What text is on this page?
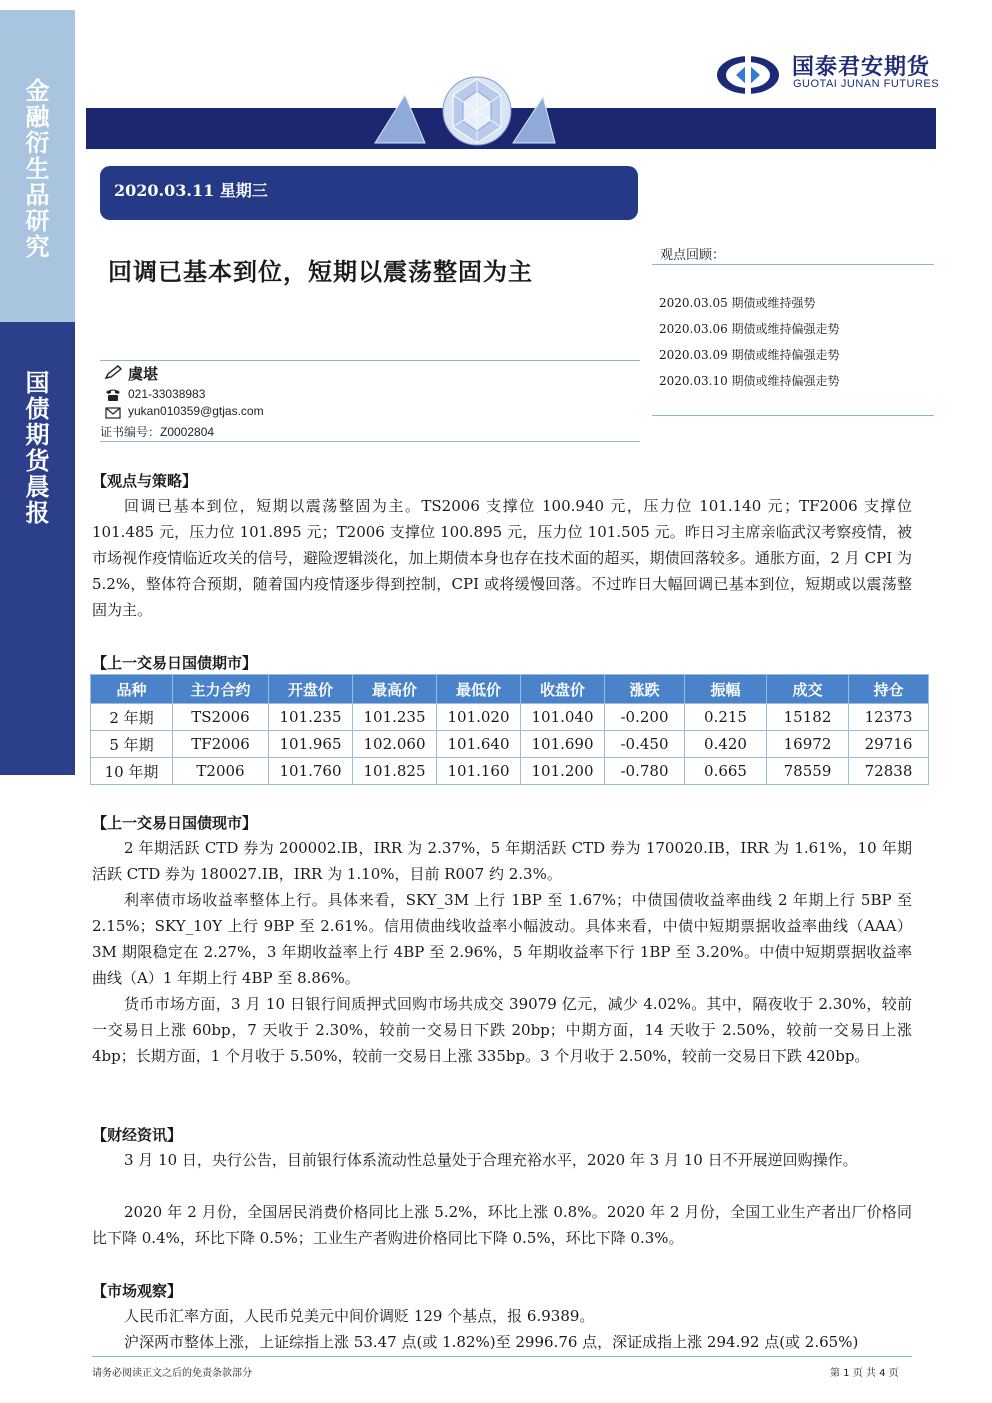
金
融
衍
生
品
研
究
国
债
期
货
晨
报
国泰君安期货
GUOTAI JUNAN FUTURES
2020.03.11 星期三
回调已基本到位，短期以震荡整固为主
虞堪
021-33038983
yukan010359@gtjas.com
证书编号：Z0002804
观点回顾：
2020.03.05 期债或维持强势
2020.03.06 期债或维持偏强走势
2020.03.09 期债或维持偏强走势
2020.03.10 期债或维持偏强走势
【观点与策略】

回调已基本到位，短期以震荡整固为主。TS2006 支撑位 100.940 元，压力位 101.140 元；TF2006 支撑位 101.485 元，压力位 101.895 元；T2006 支撑位 100.895 元，压力位 101.505 元。昨日习主席亲临武汉考察疫情，被市场视作疫情临近攻关的信号，避险逻辑淡化，加上期债本身也存在技术面的超买，期债回落较多。通胀方面，2 月 CPI 为 5.2%，整体符合预期，随着国内疫情逐步得到控制，CPI 或将缓慢回落。不过昨日大幅回调已基本到位，短期或以震荡整固为主。

【上一交易日国债期市】
品种	主力合约	开盘价	最高价	最低价	收盘价	涨跌	振幅	成交	持仓
2 年期	TS2006	101.235	101.235	101.020	101.040	-0.200	0.215	15182	12373
5 年期	TF2006	101.965	102.060	101.640	101.690	-0.450	0.420	16972	29716
10 年期	T2006	101.760	101.825	101.160	101.200	-0.780	0.665	78559	72838
【上一交易日国债现市】

2 年期活跃 CTD 券为 200002.IB，IRR 为 2.37%，5 年期活跃 CTD 券为 170020.IB，IRR 为 1.61%，10 年期活跃 CTD 券为 180027.IB，IRR 为 1.10%，目前 R007 约 2.3%。

利率债市场收益率整体上行。具体来看，SKY_3M 上行 1BP 至 1.67%；中债国债收益率曲线 2 年期上行 5BP 至 2.15%；SKY_10Y 上行 9BP 至 2.61%。信用债曲线收益率小幅波动。具体来看，中债中短期票据收益率曲线（AAA）3M 期限稳定在 2.27%，3 年期收益率上行 4BP 至 2.96%，5 年期收益率下行 1BP 至 3.20%。中债中短期票据收益率曲线（A）1 年期上行 4BP 至 8.86%。

货币市场方面，3 月 10 日银行间质押式回购市场共成交 39079 亿元，减少 4.02%。其中，隔夜收于 2.30%，较前一交易日上涨 60bp，7 天收于 2.30%，较前一交易日下跌 20bp；中期方面，14 天收于 2.50%，较前一交易日上涨 4bp；长期方面，1 个月收于 5.50%，较前一交易日上涨 335bp。3 个月收于 2.50%，较前一交易日下跌 420bp。

【财经资讯】

3 月 10 日，央行公告，目前银行体系流动性总量处于合理充裕水平，2020 年 3 月 10 日不开展逆回购操作。

2020 年 2 月份，全国居民消费价格同比上涨 5.2%，环比上涨 0.8%。2020 年 2 月份，全国工业生产者出厂价格同比下降 0.4%，环比下降 0.5%；工业生产者购进价格同比下降 0.5%，环比下降 0.3%。

【市场观察】

人民币汇率方面，人民币兑美元中间价调贬 129 个基点，报 6.9389。

沪深两市整体上涨，上证综指上涨 53.47 点(或 1.82%)至 2996.76 点，深证成指上涨 294.92 点(或 2.65%)

请务必阅读正文之后的免责条款部分	第 1 页 共 4 页
